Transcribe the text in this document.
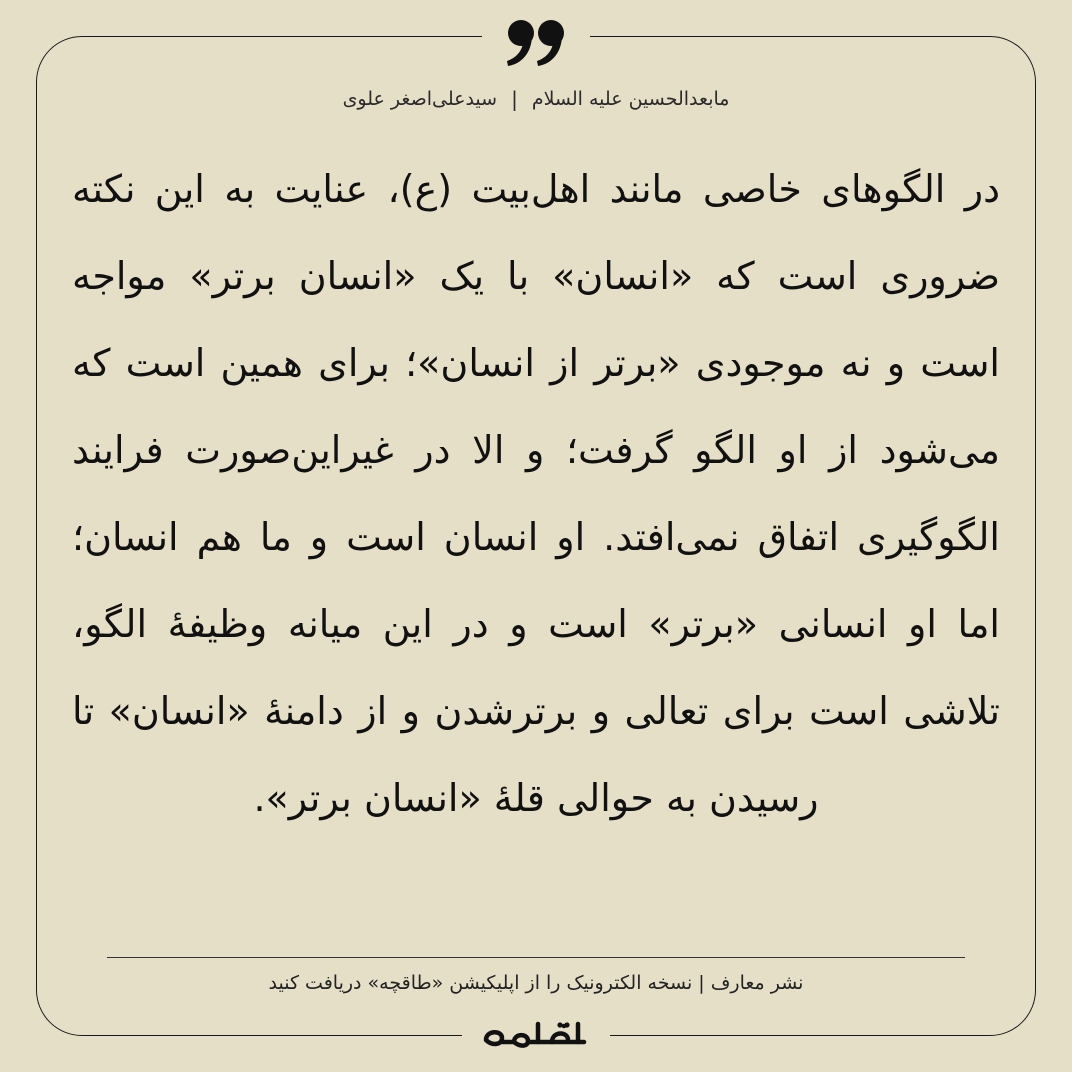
مابعدالحسین علیه السلام
|
سیدعلی‌اصغر علوی
در الگوهای خاصی مانند اهل‌بیت (ع)، عنایت به این نکته ضروری است که «انسان» با یک «انسان برتر» مواجه است و نه موجودی «برتر از انسان»؛ برای همین است که می‌شود از او الگو گرفت؛ و الا در غیراین‌صورت فرایند الگوگیری اتفاق نمی‌افتد. او انسان است و ما هم انسان؛ اما او انسانی «برتر» است و در این میانه وظیفهٔ الگو، تلاشی است برای تعالی و برترشدن و از دامنهٔ «انسان» تا رسیدن به حوالی قلهٔ «انسان برتر».
نشر معارف | نسخه الکترونیک را از اپلیکیشن «طاقچه» دریافت کنید
